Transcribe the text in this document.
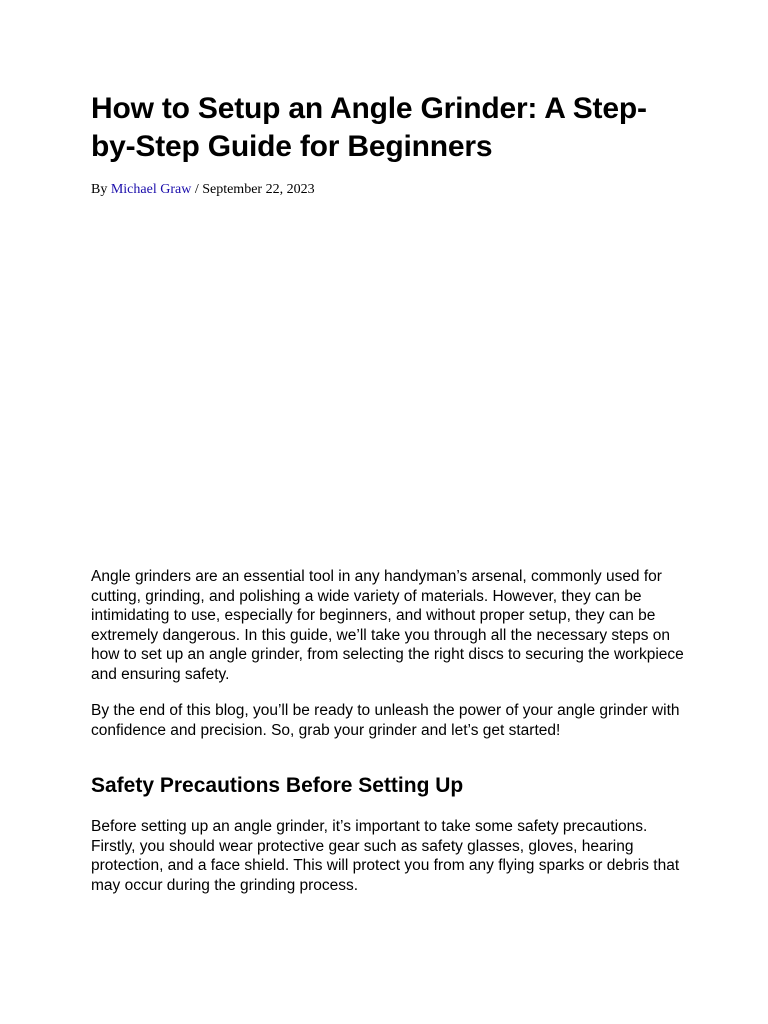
How to Setup an Angle Grinder: A Step-by-Step Guide for Beginners
By Michael Graw / September 22, 2023

Angle grinders are an essential tool in any handyman’s arsenal, commonly used for cutting, grinding, and polishing a wide variety of materials. However, they can be intimidating to use, especially for beginners, and without proper setup, they can be extremely dangerous. In this guide, we’ll take you through all the necessary steps on how to set up an angle grinder, from selecting the right discs to securing the workpiece and ensuring safety.

By the end of this blog, you’ll be ready to unleash the power of your angle grinder with confidence and precision. So, grab your grinder and let’s get started!

Safety Precautions Before Setting Up

Before setting up an angle grinder, it’s important to take some safety precautions. Firstly, you should wear protective gear such as safety glasses, gloves, hearing protection, and a face shield. This will protect you from any flying sparks or debris that may occur during the grinding process.
